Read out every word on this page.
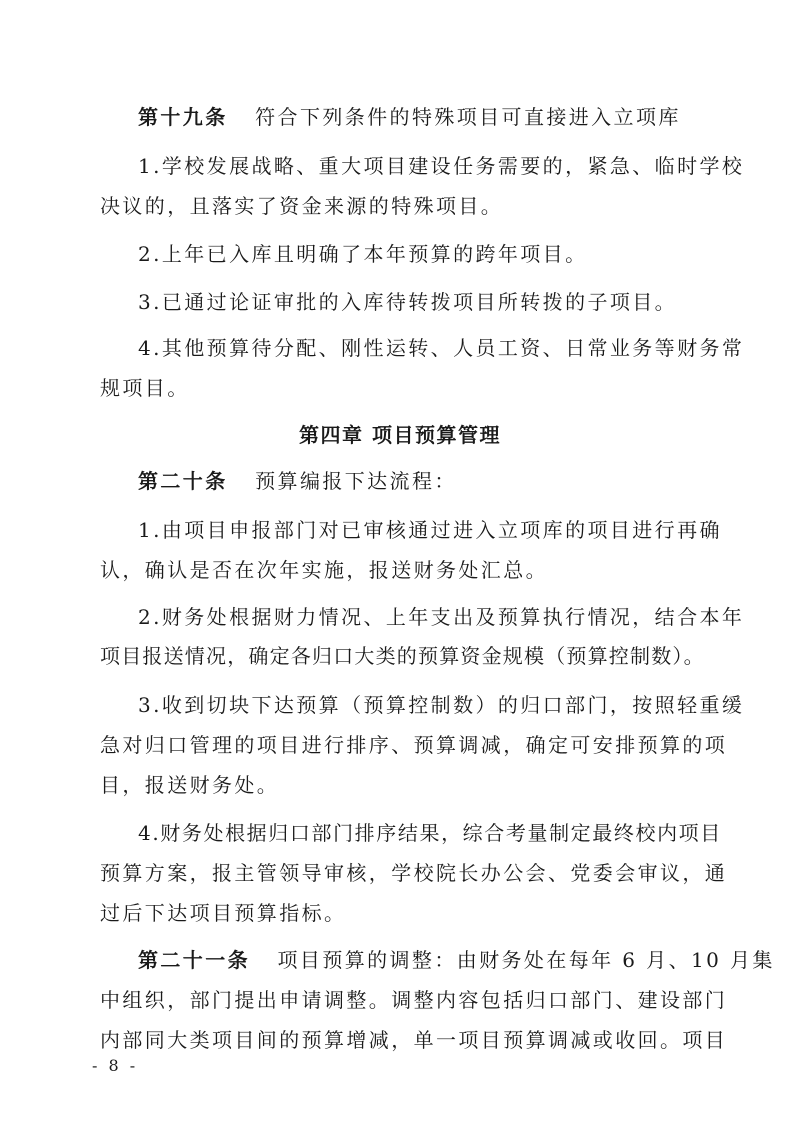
第十九条 符合下列条件的特殊项目可直接进入立项库
1.学校发展战略、重大项目建设任务需要的，紧急、临时学校
决议的，且落实了资金来源的特殊项目。
2.上年已入库且明确了本年预算的跨年项目。
3.已通过论证审批的入库待转拨项目所转拨的子项目。
4.其他预算待分配、刚性运转、人员工资、日常业务等财务常
规项目。
第四章 项目预算管理
第二十条 预算编报下达流程：
1.由项目申报部门对已审核通过进入立项库的项目进行再确
认，确认是否在次年实施，报送财务处汇总。
2.财务处根据财力情况、上年支出及预算执行情况，结合本年
项目报送情况，确定各归口大类的预算资金规模（预算控制数）。
3.收到切块下达预算（预算控制数）的归口部门，按照轻重缓
急对归口管理的项目进行排序、预算调减，确定可安排预算的项
目，报送财务处。
4.财务处根据归口部门排序结果，综合考量制定最终校内项目
预算方案，报主管领导审核，学校院长办公会、党委会审议，通
过后下达项目预算指标。
第二十一条 项目预算的调整：由财务处在每年 6 月、10 月集
中组织，部门提出申请调整。调整内容包括归口部门、建设部门
内部同大类项目间的预算增减，单一项目预算调减或收回。项目
- 8 -
